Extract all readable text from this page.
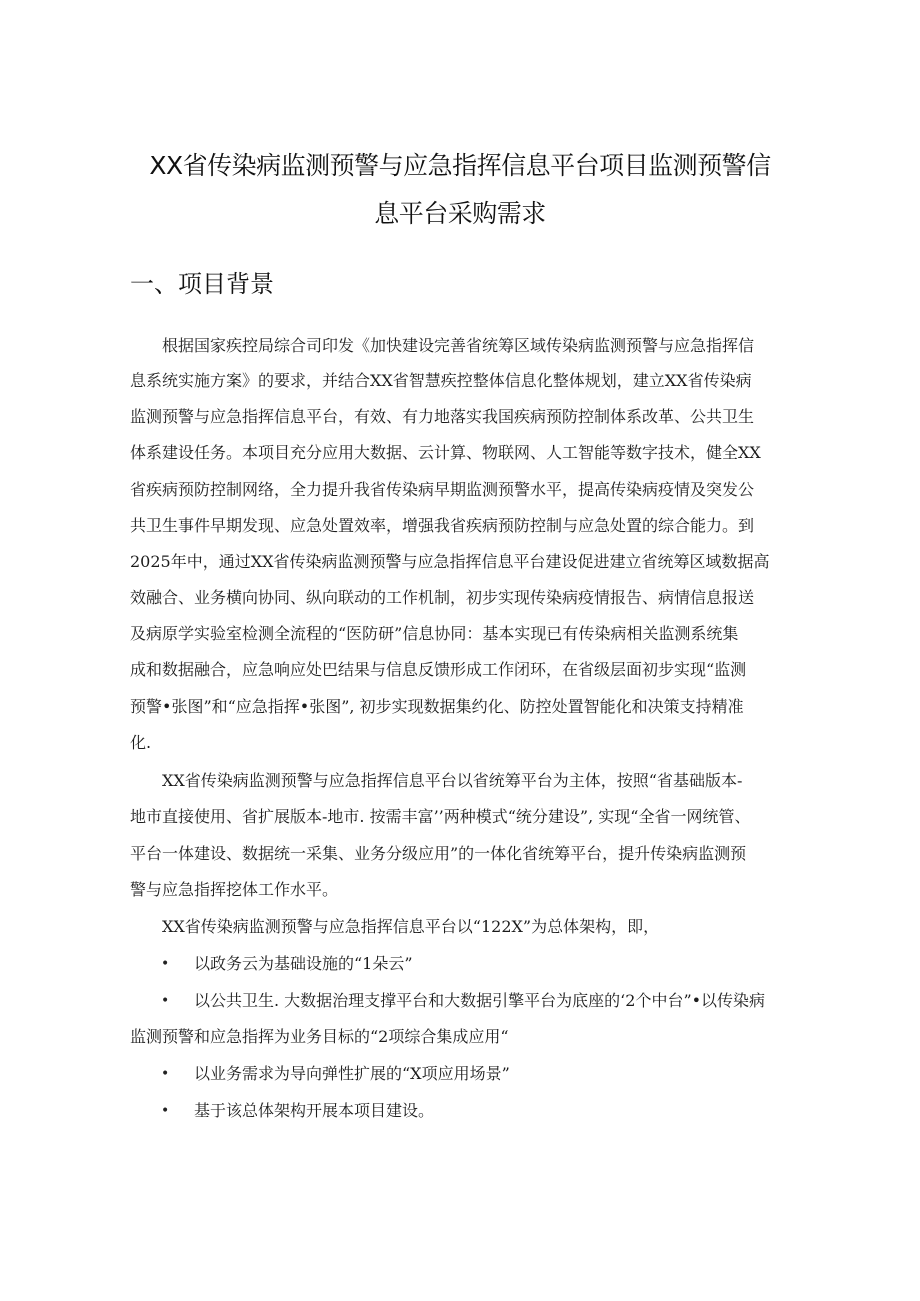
XX省传染病监测预警与应急指挥信息平台项目监测预警信
息平台采购需求
一、项目背景
根据国家疾控局综合司印发《加快建设完善省统筹区域传染病监测预警与应急指挥信
息系统实施方案》的要求，并结合XX省智慧疾控整体信息化整体规划，建立XX省传染病
监测预警与应急指挥信息平台，有效、有力地落实我国疾病预防控制体系改革、公共卫生
体系建设任务。本项目充分应用大数据、云计算、物联网、人工智能等数字技术，健全XX
省疾病预防控制网络，全力提升我省传染病早期监测预警水平，提高传染病疫情及突发公
共卫生事件早期发现、应急处置效率，增强我省疾病预防控制与应急处置的综合能力。到
2025年中，通过XX省传染病监测预警与应急指挥信息平台建设促进建立省统筹区域数据高
效融合、业务横向协同、纵向联动的工作机制，初步实现传染病疫情报告、病情信息报送
及病原学实验室检测全流程的“医防研”信息协同：基本实现已有传染病相关监测系统集
成和数据融合，应急响应处巴结果与信息反馈形成工作闭环，在省级层面初步实现“监测
预警•张图”和“应急指挥•张图”, 初步实现数据集约化、防控处置智能化和决策支持精准
化.
XX省传染病监测预警与应急指挥信息平台以省统筹平台为主体，按照“省基础版本-
地市直接使用、省扩展版本-地市. 按需丰富’’两种模式“统分建设”, 实现“全省一网统管、
平台一体建设、数据统一采集、业务分级应用”的一体化省统筹平台，提升传染病监测预
警与应急指挥挖体工作水平。
XX省传染病监测预警与应急指挥信息平台以“122X”为总体架构，即，
• 以政务云为基础设施的“1朵云”
• 以公共卫生. 大数据治理支撑平台和大数据引擎平台为底座的‘2个中台”•以传染病
监测预警和应急指挥为业务目标的“2项综合集成应用“
• 以业务需求为导向弹性扩展的“X项应用场景”
• 基于该总体架构开展本项目建设。
